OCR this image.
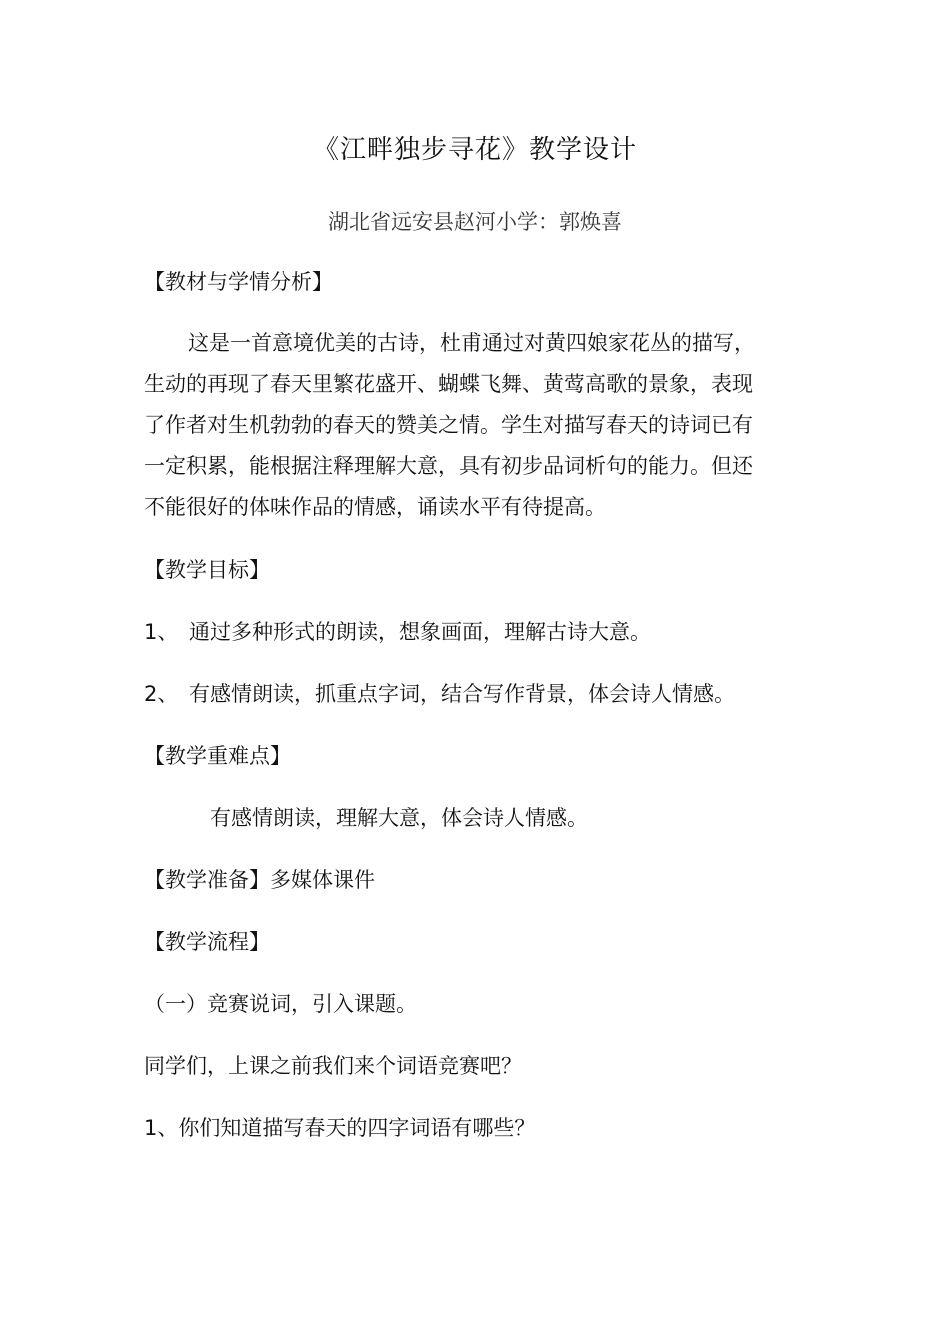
《江畔独步寻花》教学设计
湖北省远安县赵河小学：郭焕喜
【教材与学情分析】
这是一首意境优美的古诗，杜甫通过对黄四娘家花丛的描写，
生动的再现了春天里繁花盛开、蝴蝶飞舞、黄莺高歌的景象，表现
了作者对生机勃勃的春天的赞美之情。学生对描写春天的诗词已有
一定积累，能根据注释理解大意，具有初步品词析句的能力。但还
不能很好的体味作品的情感，诵读水平有待提高。
【教学目标】
1、 通过多种形式的朗读，想象画面，理解古诗大意。
2、 有感情朗读，抓重点字词，结合写作背景，体会诗人情感。
【教学重难点】
有感情朗读，理解大意，体会诗人情感。
【教学准备】多媒体课件
【教学流程】
（一）竞赛说词，引入课题。
同学们，上课之前我们来个词语竞赛吧？
1、你们知道描写春天的四字词语有哪些？
